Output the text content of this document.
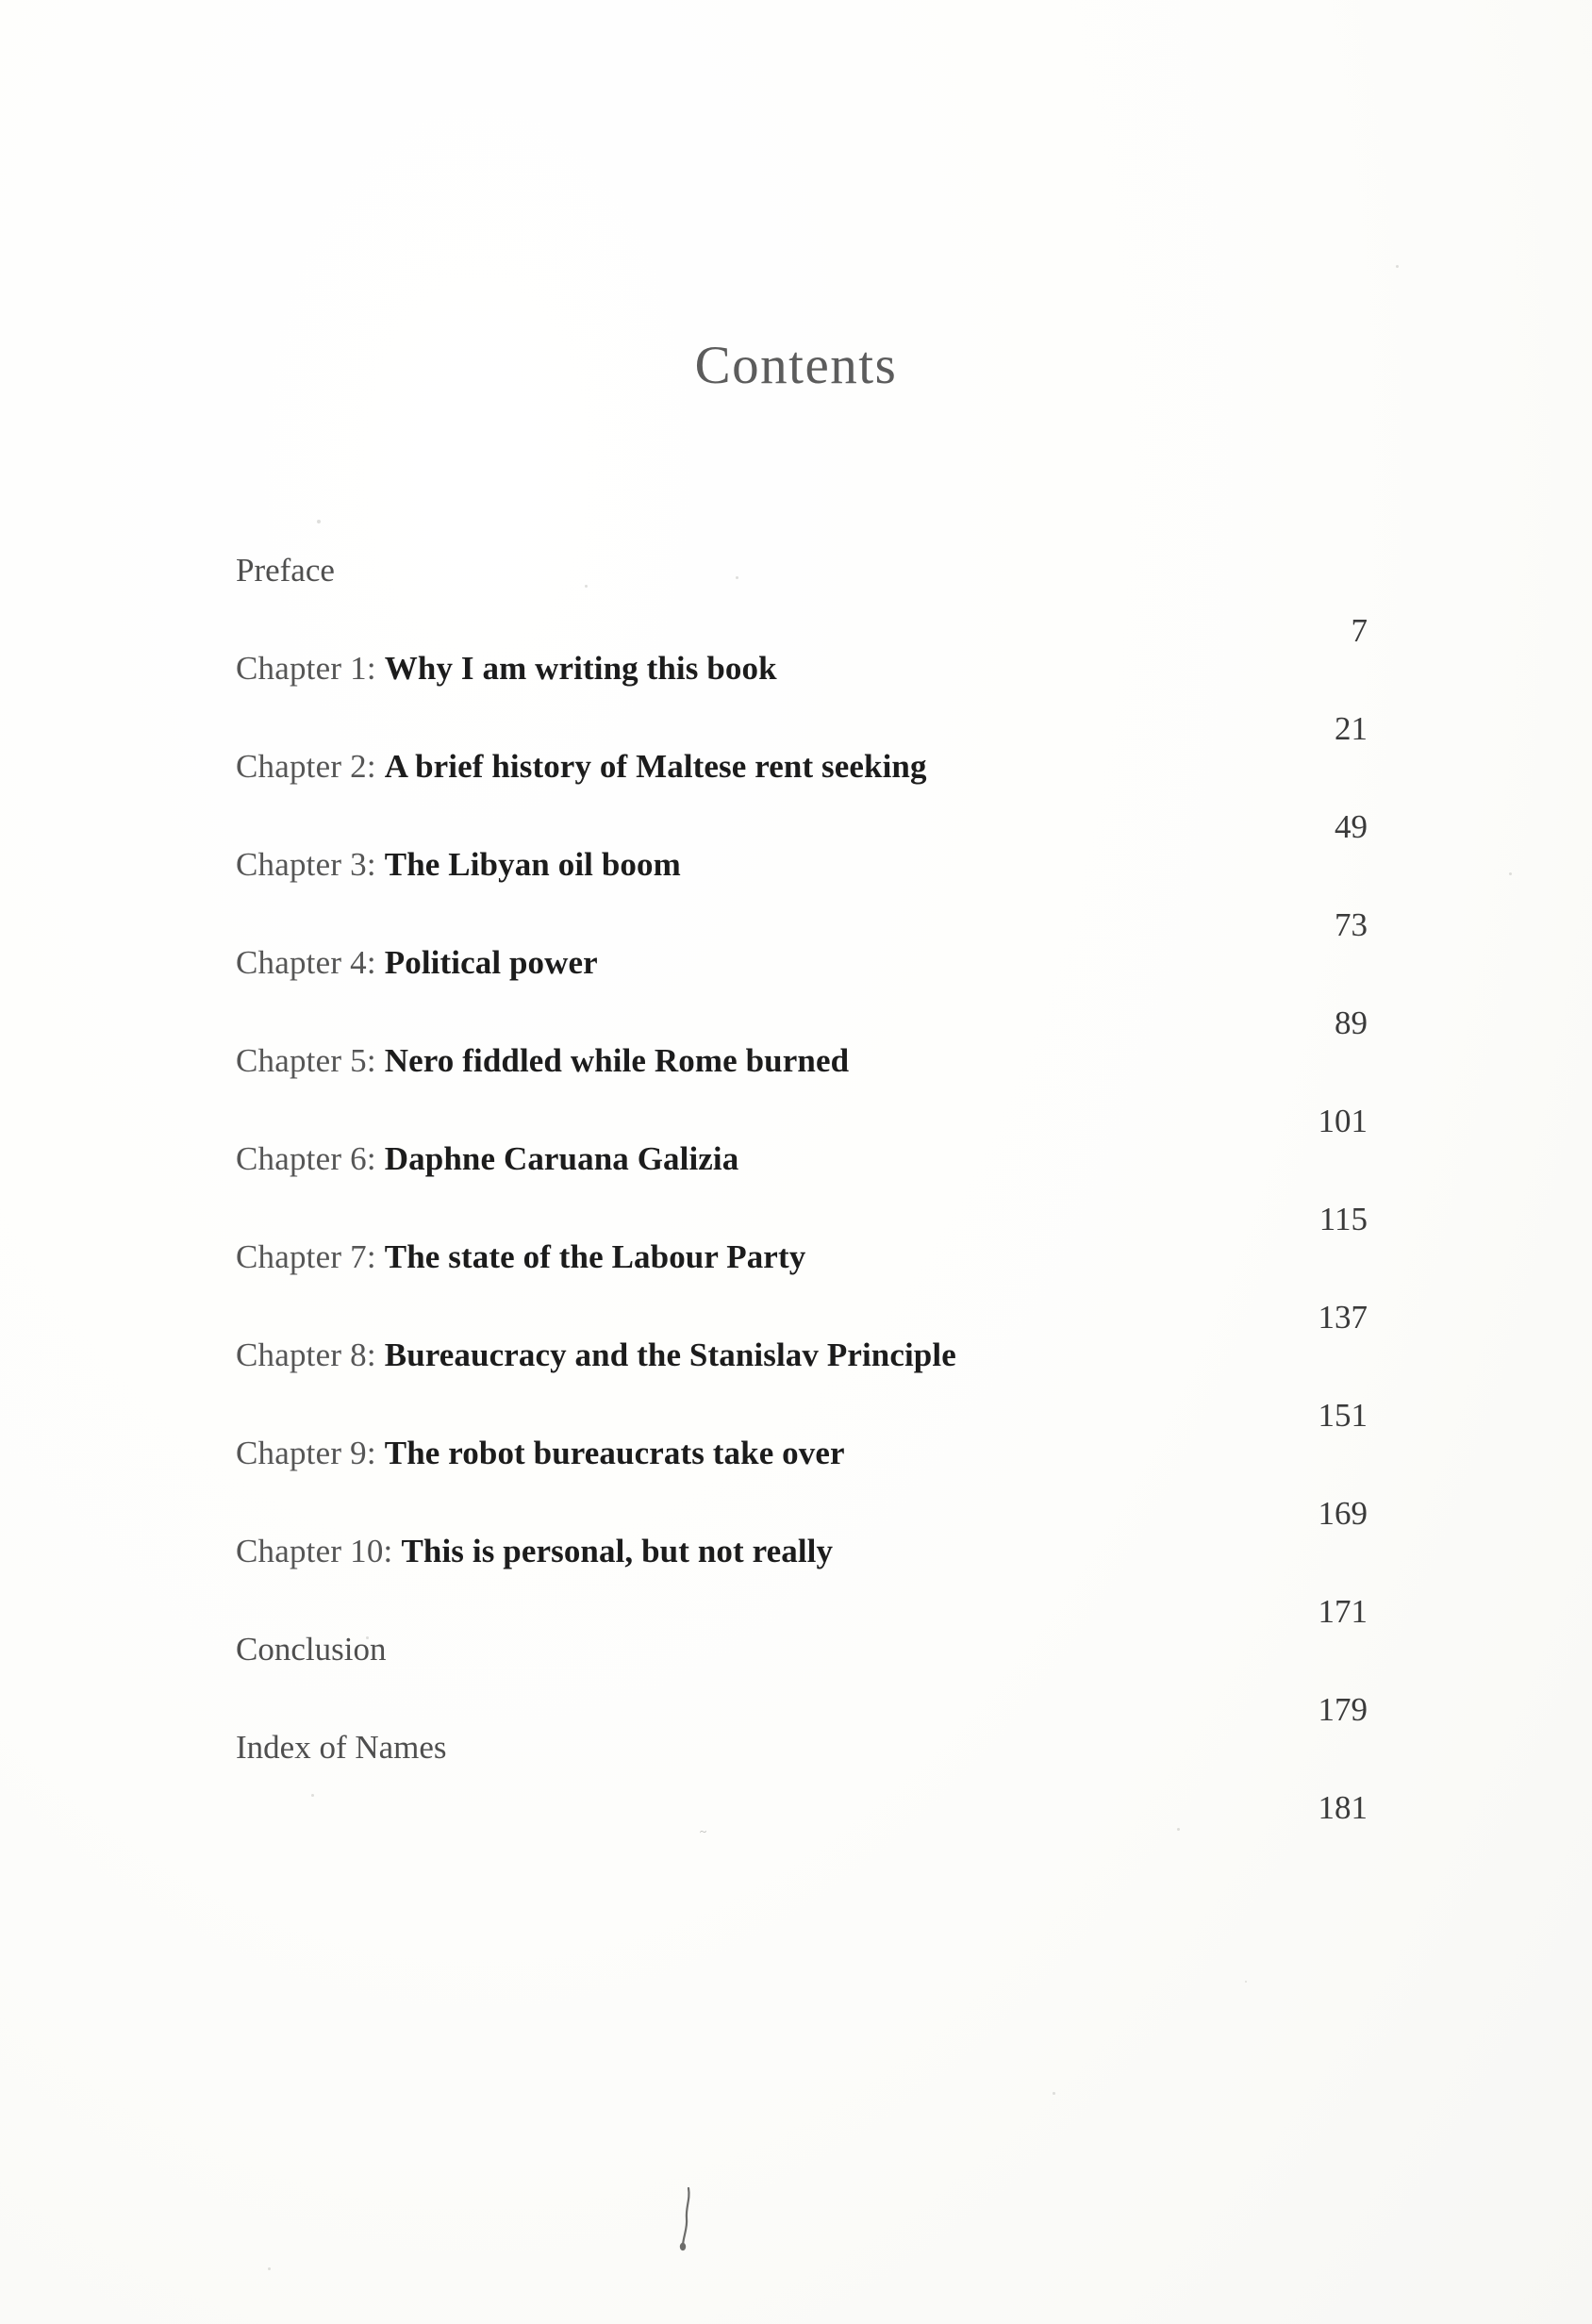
Contents
Preface
7
Chapter 1: Why I am writing this book
21
Chapter 2: A brief history of Maltese rent seeking
49
Chapter 3: The Libyan oil boom
73
Chapter 4: Political power
89
Chapter 5: Nero fiddled while Rome burned
101
Chapter 6: Daphne Caruana Galizia
115
Chapter 7: The state of the Labour Party
137
Chapter 8: Bureaucracy and the Stanislav Principle
151
Chapter 9: The robot bureaucrats take over
169
Chapter 10: This is personal, but not really
171
Conclusion
179
Index of Names
181
~
